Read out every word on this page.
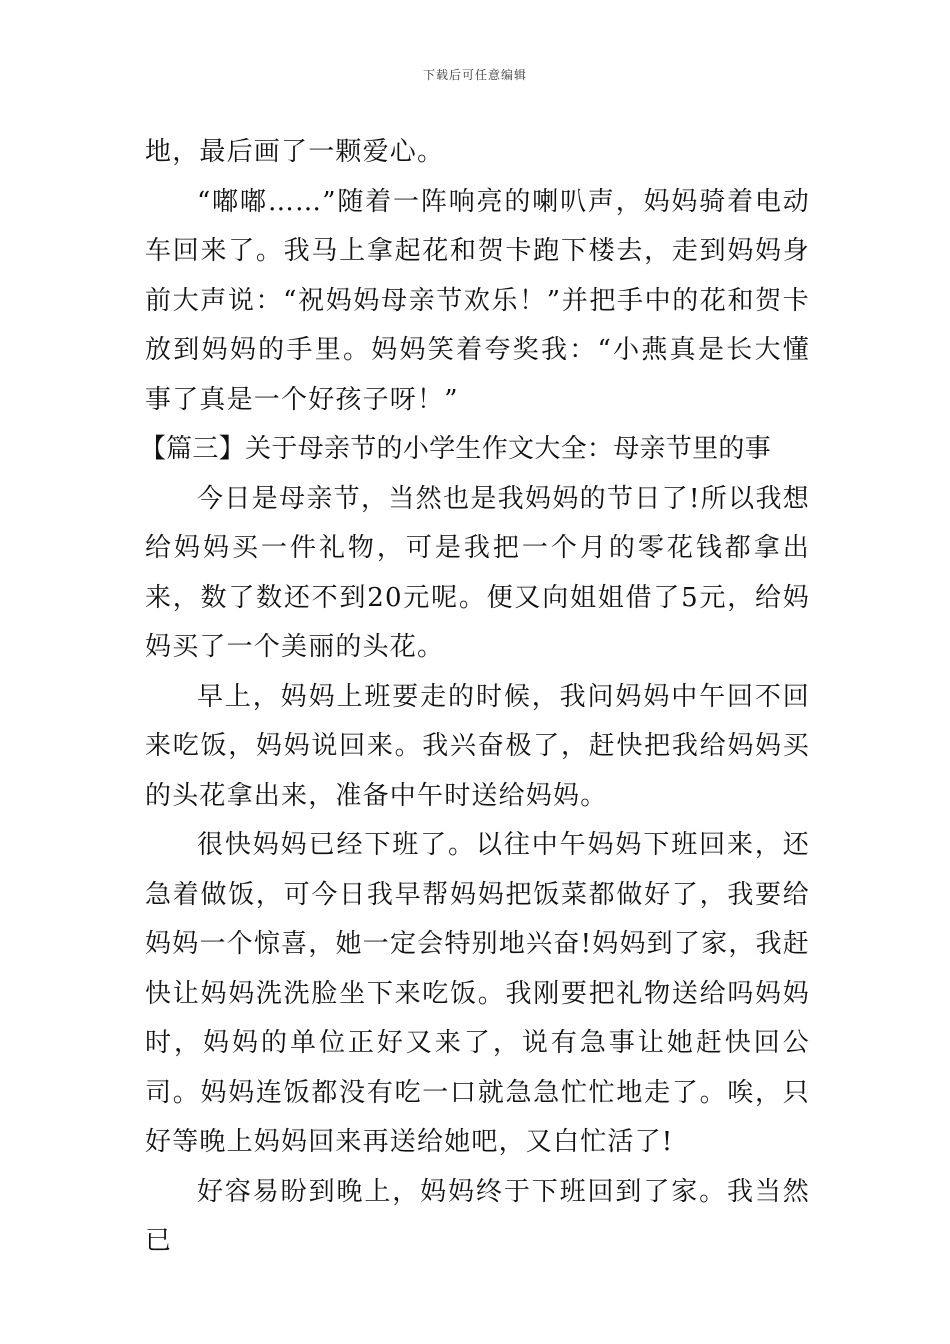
下载后可任意编辑

地，最后画了一颗爱心。

“嘟嘟……”随着一阵响亮的喇叭声，妈妈骑着电动车回来了。我马上拿起花和贺卡跑下楼去，走到妈妈身前大声说：“祝妈妈母亲节欢乐！”并把手中的花和贺卡放到妈妈的手里。妈妈笑着夸奖我：“小燕真是长大懂事了真是一个好孩子呀！”

【篇三】关于母亲节的小学生作文大全：母亲节里的事

今日是母亲节，当然也是我妈妈的节日了!所以我想给妈妈买一件礼物，可是我把一个月的零花钱都拿出来，数了数还不到20元呢。便又向姐姐借了5元，给妈妈买了一个美丽的头花。

早上，妈妈上班要走的时候，我问妈妈中午回不回来吃饭，妈妈说回来。我兴奋极了，赶快把我给妈妈买的头花拿出来，准备中午时送给妈妈。

很快妈妈已经下班了。以往中午妈妈下班回来，还急着做饭，可今日我早帮妈妈把饭菜都做好了，我要给妈妈一个惊喜，她一定会特别地兴奋!妈妈到了家，我赶快让妈妈洗洗脸坐下来吃饭。我刚要把礼物送给吗妈妈时，妈妈的单位正好又来了，说有急事让她赶快回公司。妈妈连饭都没有吃一口就急急忙忙地走了。唉，只好等晚上妈妈回来再送给她吧，又白忙活了!

好容易盼到晚上，妈妈终于下班回到了家。我当然已
